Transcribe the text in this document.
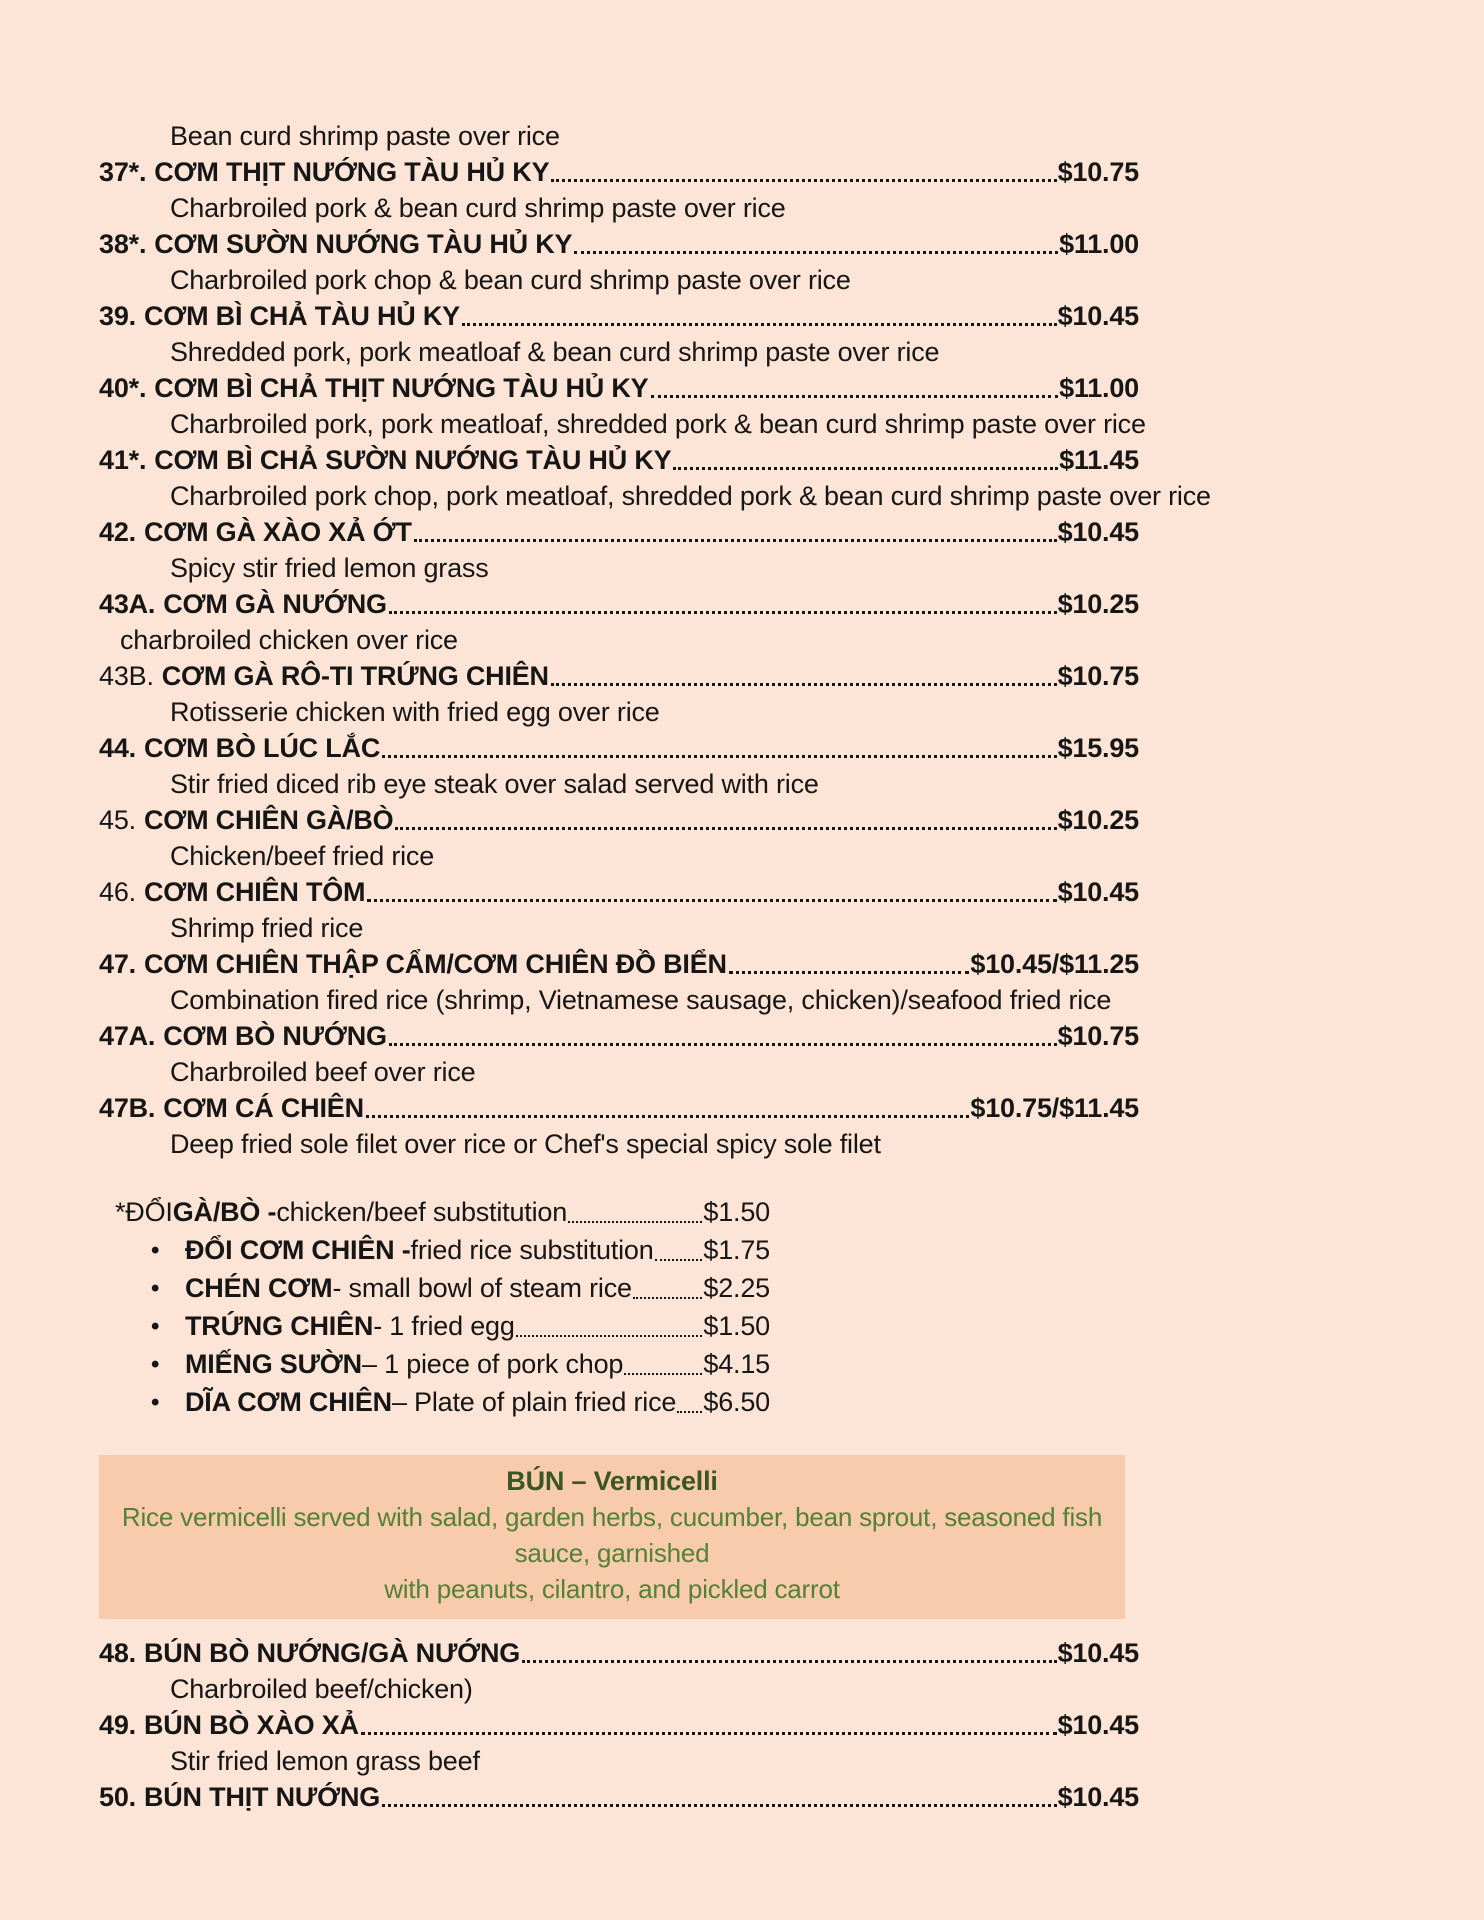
Bean curd shrimp paste over rice
37*. CƠM THỊT NƯỚNG TÀU HỦ KY	$10.75
Charbroiled pork & bean curd shrimp paste over rice
38*. CƠM SƯỜN NƯỚNG TÀU HỦ KY	$11.00
Charbroiled pork chop & bean curd shrimp paste over rice
39. CƠM BÌ CHẢ TÀU HỦ KY	$10.45
Shredded pork, pork meatloaf & bean curd shrimp paste over rice
40*. CƠM BÌ CHẢ THỊT NƯỚNG TÀU HỦ KY	$11.00
Charbroiled pork, pork meatloaf, shredded pork & bean curd shrimp paste over rice
41*. CƠM BÌ CHẢ SƯỜN NƯỚNG TÀU HỦ KY	$11.45
Charbroiled pork chop, pork meatloaf, shredded pork & bean curd shrimp paste over rice
42. CƠM GÀ XÀO XẢ ỚT	$10.45
Spicy stir fried lemon grass
43A. CƠM GÀ NƯỚNG	$10.25
charbroiled chicken over rice
43B. CƠM GÀ RÔ-TI TRỨNG CHIÊN	$10.75
Rotisserie chicken with fried egg over rice
44. CƠM BÒ LÚC LẮC	$15.95
Stir fried diced rib eye steak over salad served with rice
45. CƠM CHIÊN GÀ/BÒ	$10.25
Chicken/beef fried rice
46. CƠM CHIÊN TÔM	$10.45
Shrimp fried rice
47. CƠM CHIÊN THẬP CẨM/CƠM CHIÊN ĐỒ BIỂN	$10.45/$11.25
Combination fired rice (shrimp, Vietnamese sausage, chicken)/seafood fried rice
47A. CƠM BÒ NƯỚNG	$10.75
Charbroiled beef over rice
47B. CƠM CÁ CHIÊN	$10.75/$11.45
Deep fried sole filet over rice or Chef's special spicy sole filet
*ĐỔI GÀ/BÒ - chicken/beef substitution	$1.50
•
ĐỔI CƠM CHIÊN - fried rice substitution $1.75
•
CHÉN CƠM - small bowl of steam rice	$2.25
•
TRỨNG CHIÊN - 1 fried egg	$1.50
•
MIẾNG SƯỜN – 1 piece of pork chop	$4.15
•
DĨA CƠM CHIÊN – Plate of plain fried rice $6.50
BÚN – Vermicelli
Rice vermicelli served with salad, garden herbs, cucumber, bean sprout, seasoned fish sauce, garnished
with peanuts, cilantro, and pickled carrot
48. BÚN BÒ NƯỚNG/GÀ NƯỚNG	$10.45
Charbroiled beef/chicken)
49. BÚN BÒ XÀO XẢ	$10.45
Stir fried lemon grass beef
50. BÚN THỊT NƯỚNG	$10.45
